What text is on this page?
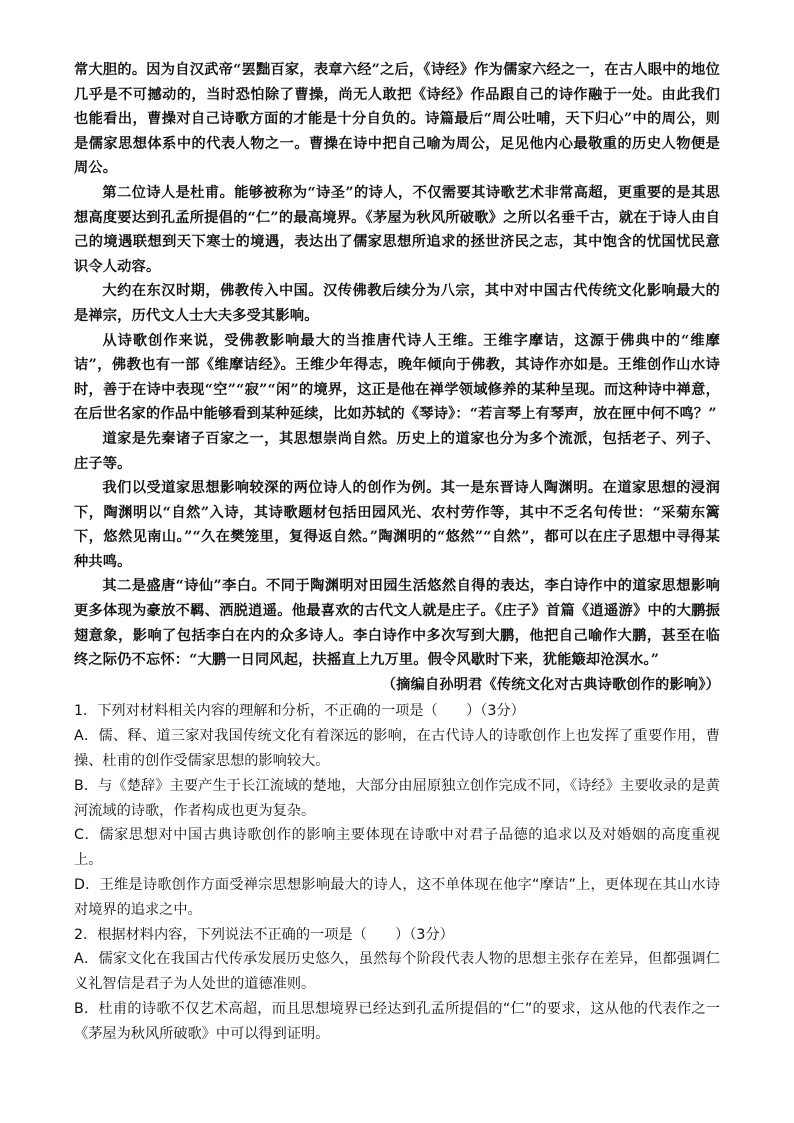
常大胆的。因为自汉武帝“罢黜百家，表章六经”之后，《诗经》作为儒家六经之一，在古人眼中的地位几乎是不可撼动的，当时恐怕除了曹操，尚无人敢把《诗经》作品跟自己的诗作融于一处。由此我们也能看出，曹操对自己诗歌方面的才能是十分自负的。诗篇最后“周公吐哺，天下归心”中的周公，则是儒家思想体系中的代表人物之一。曹操在诗中把自己喻为周公，足见他内心最敬重的历史人物便是周公。

第二位诗人是杜甫。能够被称为“诗圣”的诗人，不仅需要其诗歌艺术非常高超，更重要的是其思想高度要达到孔孟所提倡的“仁”的最高境界。《茅屋为秋风所破歌》之所以名垂千古，就在于诗人由自己的境遇联想到天下寒士的境遇，表达出了儒家思想所追求的拯世济民之志，其中饱含的忧国忧民意识令人动容。

大约在东汉时期，佛教传入中国。汉传佛教后续分为八宗，其中对中国古代传统文化影响最大的是禅宗，历代文人士大夫多受其影响。

从诗歌创作来说，受佛教影响最大的当推唐代诗人王维。王维字摩诘，这源于佛典中的“维摩诘”，佛教也有一部《维摩诘经》。王维少年得志，晚年倾向于佛教，其诗作亦如是。王维创作山水诗时，善于在诗中表现“空”“寂”“闲”的境界，这正是他在禅学领域修养的某种呈现。而这种诗中禅意，在后世名家的作品中能够看到某种延续，比如苏轼的《琴诗》：“若言琴上有琴声，放在匣中何不鸣？”

道家是先秦诸子百家之一，其思想崇尚自然。历史上的道家也分为多个流派，包括老子、列子、庄子等。

我们以受道家思想影响较深的两位诗人的创作为例。其一是东晋诗人陶渊明。在道家思想的浸润下，陶渊明以“自然”入诗，其诗歌题材包括田园风光、农村劳作等，其中不乏名句传世：“采菊东篱下，悠然见南山。”“久在樊笼里，复得返自然。”陶渊明的“悠然”“自然”，都可以在庄子思想中寻得某种共鸣。

其二是盛唐“诗仙”李白。不同于陶渊明对田园生活悠然自得的表达，李白诗作中的道家思想影响更多体现为豪放不羁、洒脱逍遥。他最喜欢的古代文人就是庄子。《庄子》首篇《逍遥游》中的大鹏振翅意象，影响了包括李白在内的众多诗人。李白诗作中多次写到大鹏，他把自己喻作大鹏，甚至在临终之际仍不忘怀：“大鹏一日同风起，扶摇直上九万里。假令风歇时下来，犹能簸却沧溟水。”

（摘编自孙明君《传统文化对古典诗歌创作的影响》）

1．下列对材料相关内容的理解和分析，不正确的一项是（　　）（3分）

A．儒、释、道三家对我国传统文化有着深远的影响，在古代诗人的诗歌创作上也发挥了重要作用，曹操、杜甫的创作受儒家思想的影响较大。

B．与《楚辞》主要产生于长江流域的楚地，大部分由屈原独立创作完成不同，《诗经》主要收录的是黄河流域的诗歌，作者构成也更为复杂。

C．儒家思想对中国古典诗歌创作的影响主要体现在诗歌中对君子品德的追求以及对婚姻的高度重视上。

D．王维是诗歌创作方面受禅宗思想影响最大的诗人，这不单体现在他字“摩诘”上，更体现在其山水诗对境界的追求之中。

2．根据材料内容，下列说法不正确的一项是（　　）（3分）

A．儒家文化在我国古代传承发展历史悠久，虽然每个阶段代表人物的思想主张存在差异，但都强调仁义礼智信是君子为人处世的道德准则。

B．杜甫的诗歌不仅艺术高超，而且思想境界已经达到孔孟所提倡的“仁”的要求，这从他的代表作之一《茅屋为秋风所破歌》中可以得到证明。
